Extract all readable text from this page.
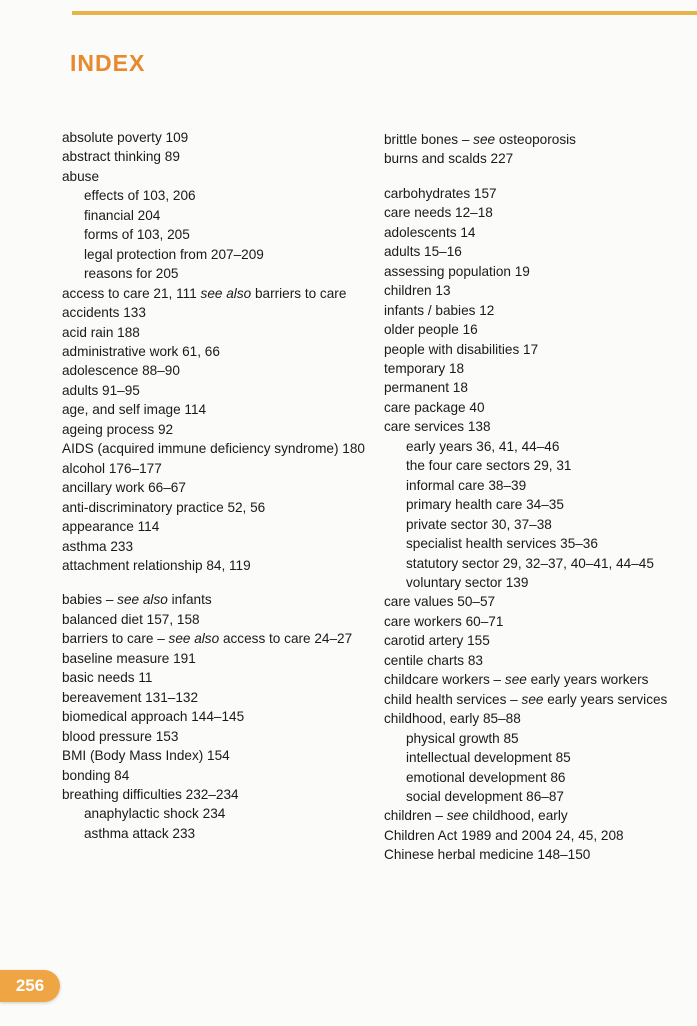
INDEX

absolute poverty 109

abstract thinking 89

abuse

effects of 103, 206

financial 204

forms of 103, 205

legal protection from 207–209

reasons for 205

access to care 21, 111 see also barriers to care

accidents 133

acid rain 188

administrative work 61, 66

adolescence 88–90

adults 91–95

age, and self image 114

ageing process 92

AIDS (acquired immune deficiency syndrome) 180

alcohol 176–177

ancillary work 66–67

anti-discriminatory practice 52, 56

appearance 114

asthma 233

attachment relationship 84, 119

babies – see also infants

balanced diet 157, 158

barriers to care – see also access to care 24–27

baseline measure 191

basic needs 11

bereavement 131–132

biomedical approach 144–145

blood pressure 153

BMI (Body Mass Index) 154

bonding 84

breathing difficulties 232–234

anaphylactic shock 234

asthma attack 233

brittle bones – see osteoporosis

burns and scalds 227

carbohydrates 157

care needs 12–18

adolescents 14

adults 15–16

assessing population 19

children 13

infants / babies 12

older people 16

people with disabilities 17

temporary 18

permanent 18

care package 40

care services 138

early years 36, 41, 44–46

the four care sectors 29, 31

informal care 38–39

primary health care 34–35

private sector 30, 37–38

specialist health services 35–36

statutory sector 29, 32–37, 40–41, 44–45

voluntary sector 139

care values 50–57

care workers 60–71

carotid artery 155

centile charts 83

childcare workers – see early years workers

child health services – see early years services

childhood, early 85–88

physical growth 85

intellectual development 85

emotional development 86

social development 86–87

children – see childhood, early

Children Act 1989 and 2004 24, 45, 208

Chinese herbal medicine 148–150

256
